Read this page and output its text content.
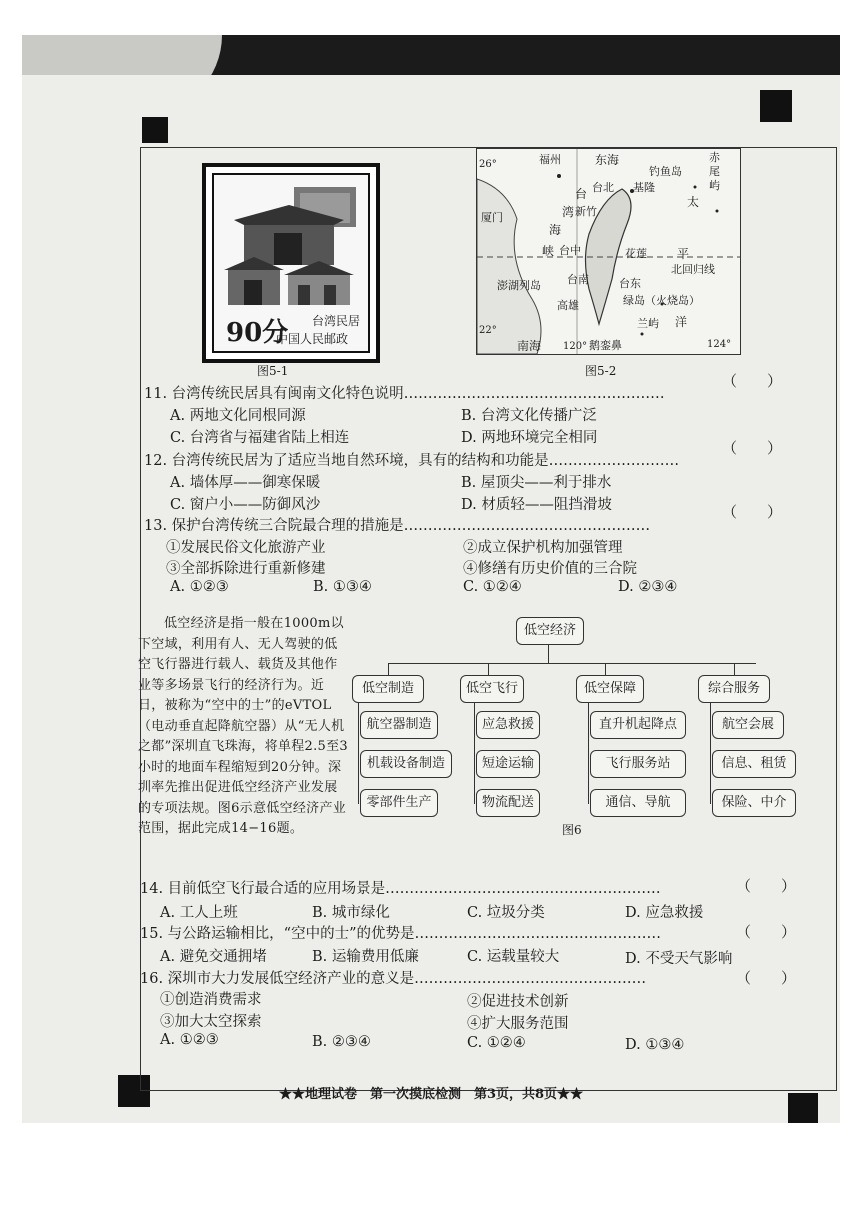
90分 台湾民居
中国人民邮政
图5-1
福州	东海
钓鱼岛
赤尾屿
26°
台 台北 基隆
太
湾 新竹
厦门
海
峡 台中	花莲	平
北回归线
澎湖列岛 台南	台东
高雄	绿岛（火烧岛）
22°
兰屿 洋
南海 120° 鹅銮鼻	124°
图5-2
11. 台湾传统民居具有闽南文化特色说明………………………………………………
（　　）
A. 两地文化同根同源	B. 台湾文化传播广泛
C. 台湾省与福建省陆上相连	D. 两地环境完全相同
12. 台湾传统民居为了适应当地自然环境，具有的结构和功能是………………………
（　　）
A. 墙体厚——御寒保暖	B. 屋顶尖——利于排水
C. 窗户小——防御风沙	D. 材质轻——阻挡滑坡
13. 保护台湾传统三合院最合理的措施是……………………………………………
（　　）
①发展民俗文化旅游产业	②成立保护机构加强管理
③全部拆除进行重新修建	④修缮有历史价值的三合院
A. ①②③	B. ①③④	C. ①②④	D. ②③④
低空经济是指一般在1000m以下空域，利用有人、无人驾驶的低空飞行器进行载人、载货及其他作业等多场景飞行的经济行为。近日，被称为“空中的士”的eVTOL（电动垂直起降航空器）从“无人机之都”深圳直飞珠海，将单程2.5至3小时的地面车程缩短到20分钟。深圳率先推出促进低空经济产业发展的专项法规。图6示意低空经济产业范围，据此完成14−16题。
低空经济
低空制造	低空飞行	低空保障	综合服务
航空器制造
机载设备制造
零部件生产
应急救援
短途运输
物流配送
直升机起降点
飞行服务站
通信、导航
航空会展
信息、租赁
保险、中介
图6
14. 目前低空飞行最合适的应用场景是…………………………………………………	（　　）
A. 工人上班	B. 城市绿化	C. 垃圾分类	D. 应急救援
15. 与公路运输相比，“空中的士”的优势是……………………………………………	（　　）
A. 避免交通拥堵	B. 运输费用低廉	C. 运载量较大	D. 不受天气影响
16. 深圳市大力发展低空经济产业的意义是…………………………………………	（　　）
①创造消费需求	②促进技术创新
③加大太空探索	④扩大服务范围
A. ①②③	B. ②③④	C. ①②④	D. ①③④
★★地理试卷　第一次摸底检测　第3页，共8页★★
